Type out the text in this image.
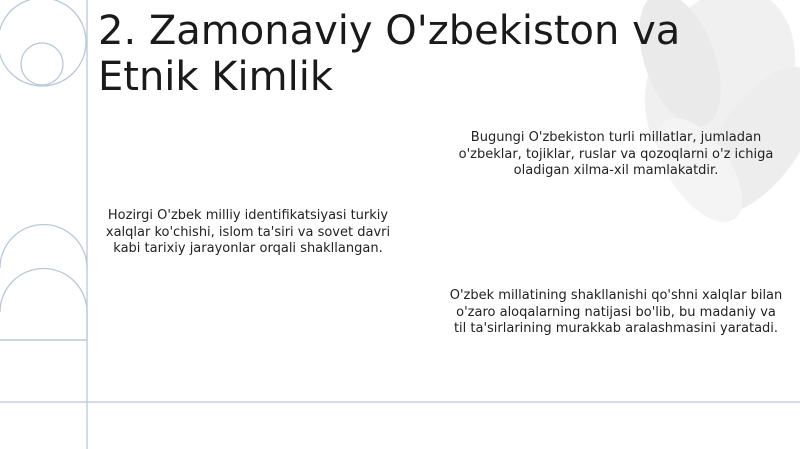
2. Zamonaviy O'zbekiston va Etnik Kimlik

Bugungi O'zbekiston turli millatlar, jumladan o'zbeklar, tojiklar, ruslar va qozoqlarni o'z ichiga oladigan xilma-xil mamlakatdir.

Hozirgi O'zbek milliy identifikatsiyasi turkiy xalqlar ko'chishi, islom ta'siri va sovet davri kabi tarixiy jarayonlar orqali shakllangan.

O'zbek millatining shakllanishi qo'shni xalqlar bilan o'zaro aloqalarning natijasi bo'lib, bu madaniy va til ta'sirlarining murakkab aralashmasini yaratadi.
